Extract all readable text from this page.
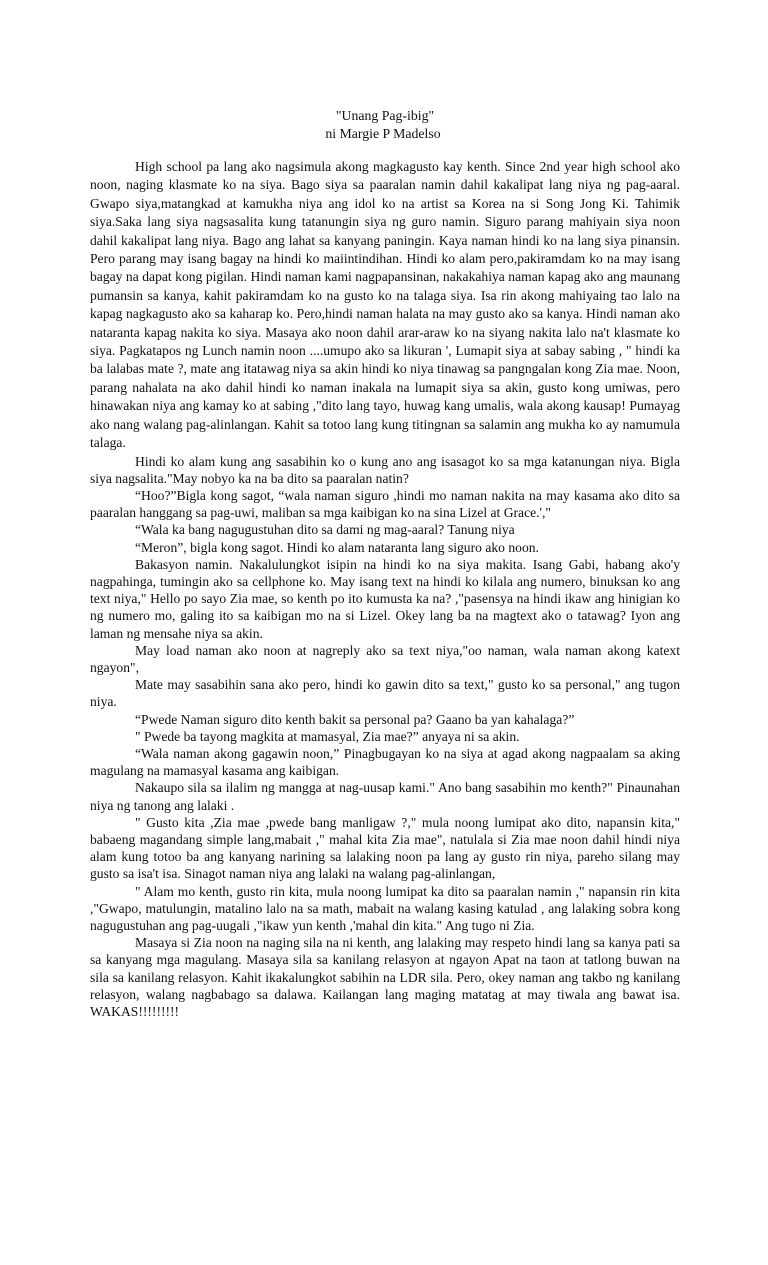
"Unang Pag-ibig"
ni Margie P Madelso

High school pa lang ako nagsimula akong magkagusto kay kenth. Since 2nd year high school ako noon, naging klasmate ko na siya. Bago siya sa paaralan namin dahil kakalipat lang niya ng pag-aaral. Gwapo siya,matangkad at kamukha niya ang idol ko na artist sa Korea na si Song Jong Ki. Tahimik siya.Saka lang siya nagsasalita kung tatanungin siya ng guro namin. Siguro parang mahiyain siya noon dahil kakalipat lang niya. Bago ang lahat sa kanyang paningin. Kaya naman hindi ko na lang siya pinansin. Pero parang may isang bagay na hindi ko maiintindihan. Hindi ko alam pero,pakiramdam ko na may isang bagay na dapat kong pigilan. Hindi naman kami nagpapansinan, nakakahiya naman kapag ako ang maunang pumansin sa kanya, kahit pakiramdam ko na gusto ko na talaga siya. Isa rin akong mahiyaing tao lalo na kapag nagkagusto ako sa kaharap ko. Pero,hindi naman halata na may gusto ako sa kanya. Hindi naman ako nataranta kapag nakita ko siya. Masaya ako noon dahil arar-araw ko na siyang nakita lalo na't klasmate ko siya. Pagkatapos ng Lunch namin noon ....umupo ako sa likuran ', Lumapit siya at sabay sabing , " hindi ka ba lalabas mate ?, mate ang itatawag niya sa akin hindi ko niya tinawag sa pangngalan kong Zia mae. Noon, parang nahalata na ako dahil hindi ko naman inakala na lumapit siya sa akin, gusto kong umiwas, pero hinawakan niya ang kamay ko at sabing ,"dito lang tayo, huwag kang umalis, wala akong kausap! Pumayag ako nang walang pag-alinlangan. Kahit sa totoo lang kung titingnan sa salamin ang mukha ko ay namumula talaga.

Hindi ko alam kung ang sasabihin ko o kung ano ang isasagot ko sa mga katanungan niya. Bigla siya nagsalita."May nobyo ka na ba dito sa paaralan natin?

“Hoo?”Bigla kong sagot, “wala naman siguro ,hindi mo naman nakita na may kasama ako dito sa paaralan hanggang sa pag-uwi, maliban sa mga kaibigan ko na sina Lizel at Grace.',"

“Wala ka bang nagugustuhan dito sa dami ng mag-aaral? Tanung niya

“Meron”, bigla kong sagot. Hindi ko alam nataranta lang siguro ako noon.

Bakasyon namin. Nakalulungkot isipin na hindi ko na siya makita. Isang Gabi, habang ako'y nagpahinga, tumingin ako sa cellphone ko. May isang text na hindi ko kilala ang numero, binuksan ko ang text niya," Hello po sayo Zia mae, so kenth po ito kumusta ka na? ,"pasensya na hindi ikaw ang hinigian ko ng numero mo, galing ito sa kaibigan mo na si Lizel. Okey lang ba na magtext ako o tatawag? Iyon ang laman ng mensahe niya sa akin.

May load naman ako noon at nagreply ako sa text niya,"oo naman, wala naman akong katext ngayon",

Mate may sasabihin sana ako pero, hindi ko gawin dito sa text," gusto ko sa personal," ang tugon niya.

“Pwede Naman siguro dito kenth bakit sa personal pa? Gaano ba yan kahalaga?”

" Pwede ba tayong magkita at mamasyal, Zia mae?” anyaya ni sa akin.

“Wala naman akong gagawin noon,” Pinagbugayan ko na siya at agad akong nagpaalam sa aking magulang na mamasyal kasama ang kaibigan.

Nakaupo sila sa ilalim ng mangga at nag-uusap kami." Ano bang sasabihin mo kenth?" Pinaunahan niya ng tanong ang lalaki .

" Gusto kita ,Zia mae ,pwede bang manligaw ?," mula noong lumipat ako dito, napansin kita," babaeng magandang simple lang,mabait ," mahal kita Zia mae", natulala si Zia mae noon dahil hindi niya alam kung totoo ba ang kanyang narining sa lalaking noon pa lang ay gusto rin niya, pareho silang may gusto sa isa't isa. Sinagot naman niya ang lalaki na walang pag-alinlangan,

" Alam mo kenth, gusto rin kita, mula noong lumipat ka dito sa paaralan namin ," napansin rin kita ,"Gwapo, matulungin, matalino lalo na sa math, mabait na walang kasing katulad , ang lalaking sobra kong nagugustuhan ang pag-uugali ,"ikaw yun kenth ,'mahal din kita." Ang tugo ni Zia.

Masaya si Zia noon na naging sila na ni kenth, ang lalaking may respeto hindi lang sa kanya pati sa sa kanyang mga magulang. Masaya sila sa kanilang relasyon at ngayon Apat na taon at tatlong buwan na sila sa kanilang relasyon. Kahit ikakalungkot sabihin na LDR sila. Pero, okey naman ang takbo ng kanilang relasyon, walang nagbabago sa dalawa. Kailangan lang maging matatag at may tiwala ang bawat isa. WAKAS!!!!!!!!!
